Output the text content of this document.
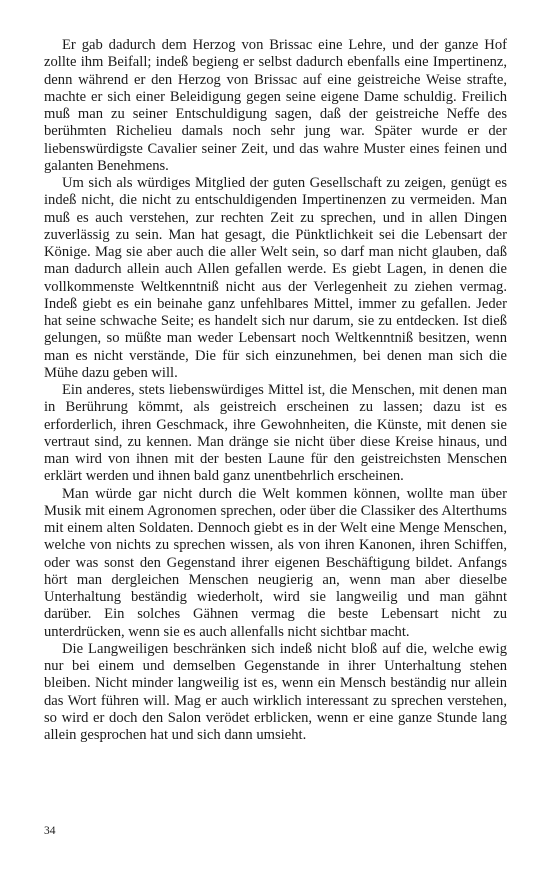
Er gab dadurch dem Herzog von Brissac eine Lehre, und der ganze Hof zollte ihm Beifall; indeß begieng er selbst dadurch ebenfalls eine Impertinenz, denn während er den Herzog von Brissac auf eine geistreiche Weise strafte, machte er sich einer Beleidigung gegen seine eigene Dame schuldig. Freilich muß man zu seiner Entschuldigung sagen, daß der geistreiche Neffe des berühmten Richelieu damals noch sehr jung war. Später wurde er der liebenswürdigste Cavalier seiner Zeit, und das wahre Muster eines feinen und galanten Benehmens.

Um sich als würdiges Mitglied der guten Gesellschaft zu zeigen, genügt es indeß nicht, die nicht zu entschuldigenden Impertinenzen zu vermeiden. Man muß es auch verstehen, zur rechten Zeit zu sprechen, und in allen Dingen zuverlässig zu sein. Man hat gesagt, die Pünktlichkeit sei die Lebensart der Könige. Mag sie aber auch die aller Welt sein, so darf man nicht glauben, daß man dadurch allein auch Allen gefallen werde. Es giebt Lagen, in denen die vollkommenste Weltkenntniß nicht aus der Verlegenheit zu ziehen vermag. Indeß giebt es ein beinahe ganz unfehlbares Mittel, immer zu gefallen. Jeder hat seine schwache Seite; es handelt sich nur darum, sie zu entdecken. Ist dieß gelungen, so müßte man weder Lebensart noch Weltkenntniß besitzen, wenn man es nicht verstände, Die für sich einzunehmen, bei denen man sich die Mühe dazu geben will.

Ein anderes, stets liebenswürdiges Mittel ist, die Menschen, mit denen man in Berührung kömmt, als geistreich erscheinen zu lassen; dazu ist es erforderlich, ihren Geschmack, ihre Gewohnheiten, die Künste, mit denen sie vertraut sind, zu kennen. Man dränge sie nicht über diese Kreise hinaus, und man wird von ihnen mit der besten Laune für den geistreichsten Menschen erklärt werden und ihnen bald ganz unentbehrlich erscheinen.

Man würde gar nicht durch die Welt kommen können, wollte man über Musik mit einem Agronomen sprechen, oder über die Classiker des Alterthums mit einem alten Soldaten. Dennoch giebt es in der Welt eine Menge Menschen, welche von nichts zu sprechen wissen, als von ihren Kanonen, ihren Schiffen, oder was sonst den Gegenstand ihrer eigenen Beschäftigung bildet. Anfangs hört man dergleichen Menschen neugierig an, wenn man aber dieselbe Unterhaltung beständig wiederholt, wird sie langweilig und man gähnt darüber. Ein solches Gähnen vermag die beste Lebensart nicht zu unterdrücken, wenn sie es auch allenfalls nicht sichtbar macht.

Die Langweiligen beschränken sich indeß nicht bloß auf die, welche ewig nur bei einem und demselben Gegenstande in ihrer Unterhaltung stehen bleiben. Nicht minder langweilig ist es, wenn ein Mensch beständig nur allein das Wort führen will. Mag er auch wirklich interessant zu sprechen verstehen, so wird er doch den Salon verödet erblicken, wenn er eine ganze Stunde lang allein gesprochen hat und sich dann umsieht.

34
